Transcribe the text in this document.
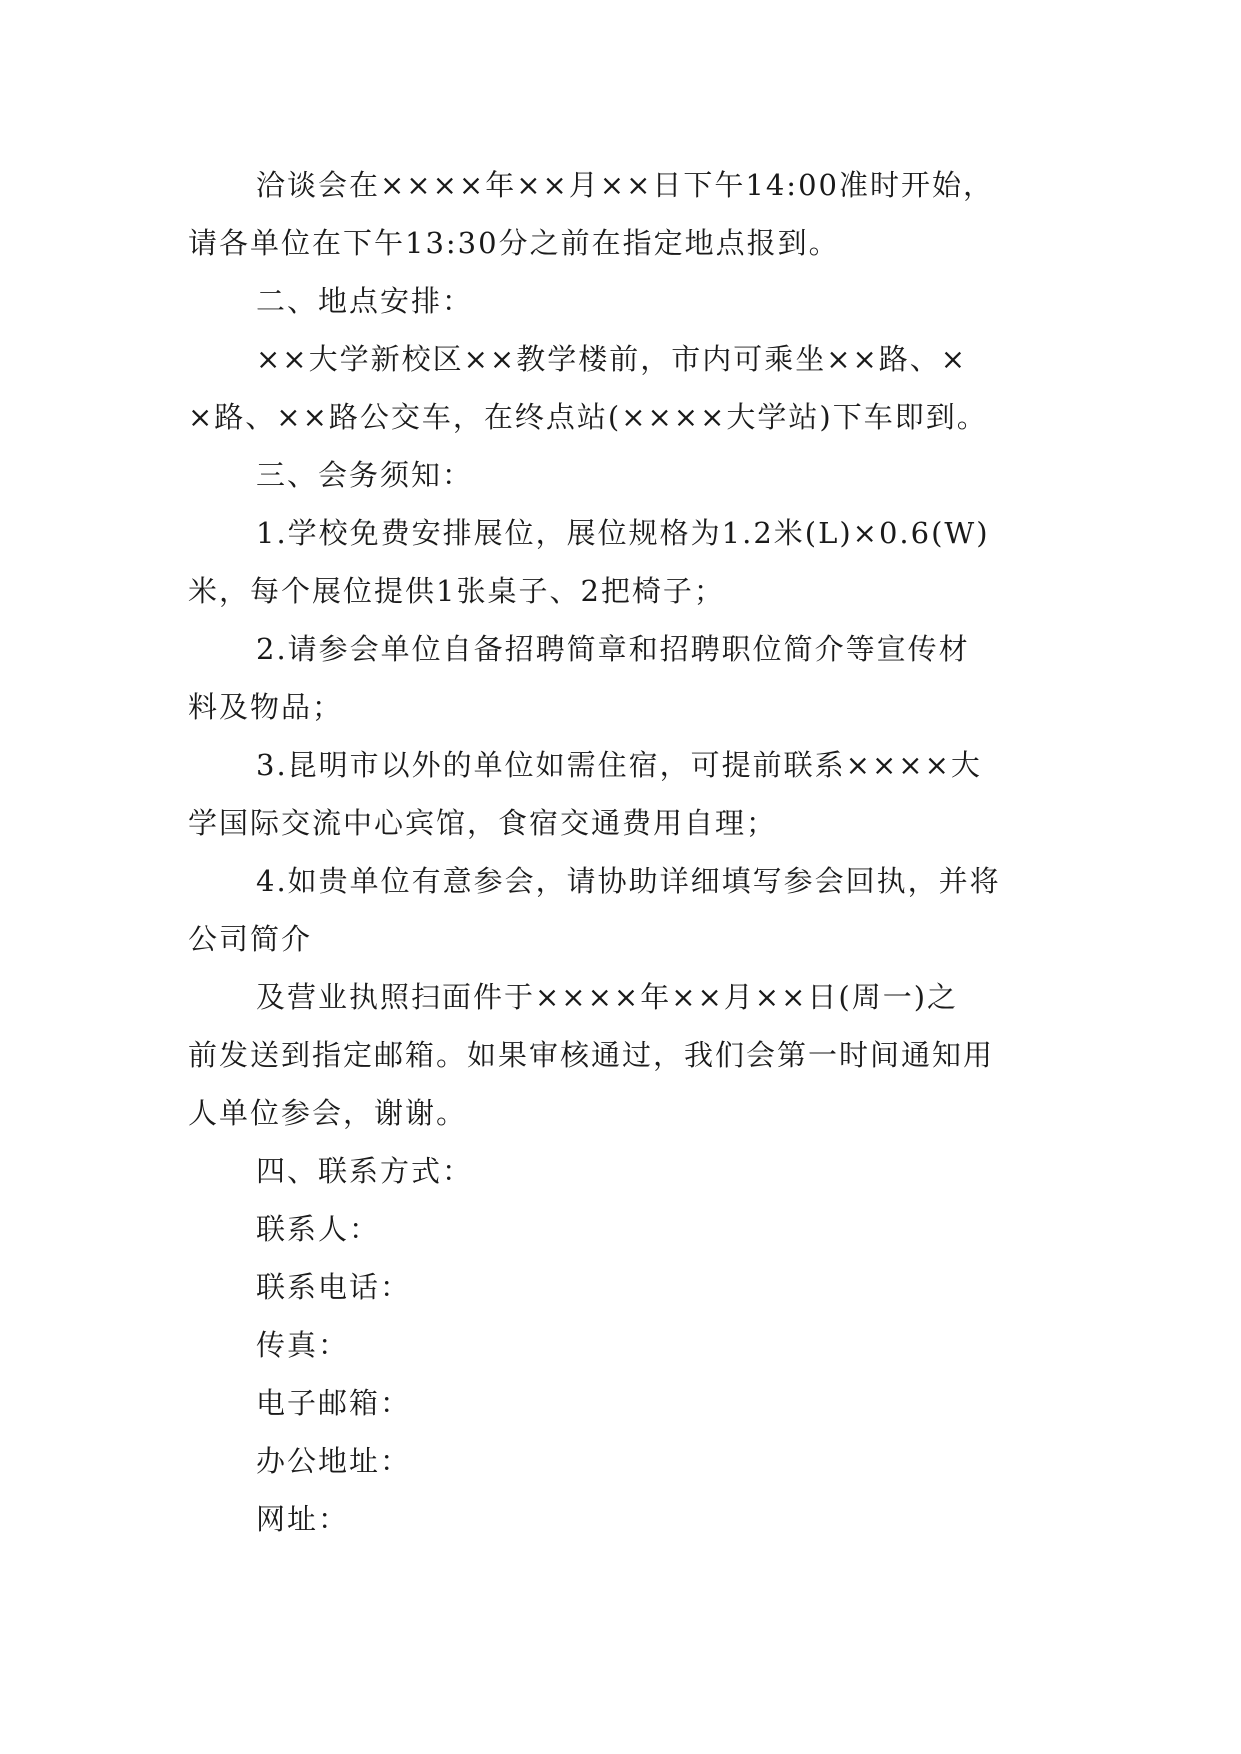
洽谈会在××××年××月××日下午14:00准时开始，
请各单位在下午13:30分之前在指定地点报到。
二、地点安排：
××大学新校区××教学楼前，市内可乘坐××路、×
×路、××路公交车，在终点站(××××大学站)下车即到。
三、会务须知：
1.学校免费安排展位，展位规格为1.2米(L)×0.6(W)
米，每个展位提供1张桌子、2把椅子；
2.请参会单位自备招聘简章和招聘职位简介等宣传材
料及物品；
3.昆明市以外的单位如需住宿，可提前联系××××大
学国际交流中心宾馆，食宿交通费用自理；
4.如贵单位有意参会，请协助详细填写参会回执，并将
公司简介
及营业执照扫面件于××××年××月××日(周一)之
前发送到指定邮箱。如果审核通过，我们会第一时间通知用
人单位参会，谢谢。
四、联系方式：
联系人：
联系电话：
传真：
电子邮箱：
办公地址：
网址：
